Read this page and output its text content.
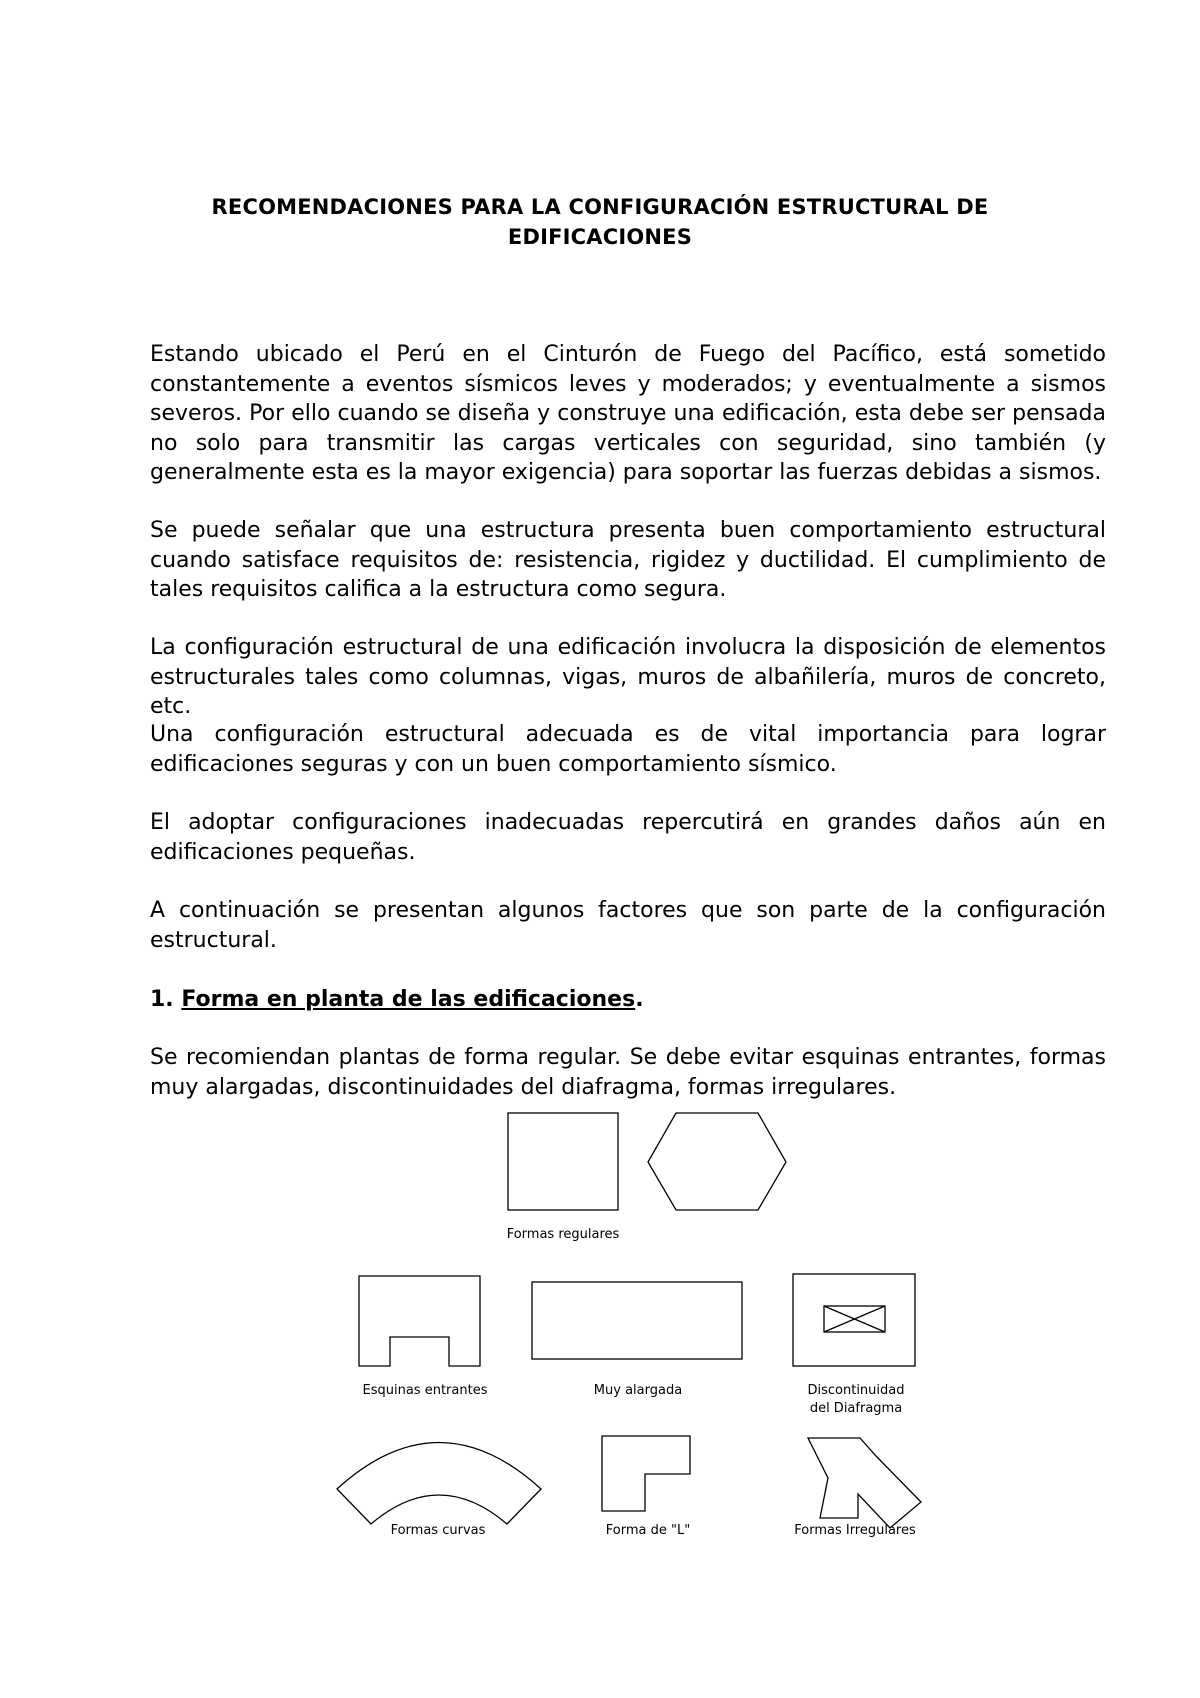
RECOMENDACIONES PARA LA CONFIGURACIÓN ESTRUCTURAL DE
EDIFICACIONES

Estando ubicado el Perú en el Cinturón de Fuego del Pacífico, está sometido constantemente a eventos sísmicos leves y moderados; y eventualmente a sismos severos. Por ello cuando se diseña y construye una edificación, esta debe ser pensada no solo para transmitir las cargas verticales con seguridad, sino también (y generalmente esta es la mayor exigencia) para soportar las fuerzas debidas a sismos.

Se puede señalar que una estructura presenta buen comportamiento estructural cuando satisface requisitos de: resistencia, rigidez y ductilidad. El cumplimiento de tales requisitos califica a la estructura como segura.

La configuración estructural de una edificación involucra la disposición de elementos estructurales tales como columnas, vigas, muros de albañilería, muros de concreto, etc.

Una configuración estructural adecuada es de vital importancia para lograr edificaciones seguras y con un buen comportamiento sísmico.

El adoptar configuraciones inadecuadas repercutirá en grandes daños aún en edificaciones pequeñas.

A continuación se presentan algunos factores que son parte de la configuración estructural.

1. Forma en planta de las edificaciones.

Se recomiendan plantas de forma regular. Se debe evitar esquinas entrantes, formas muy alargadas, discontinuidades del diafragma, formas irregulares.

Formas regulares
Esquinas entrantes	Muy alargada	Discontinuidad
del Diafragma
Formas curvas	Forma de "L"	Formas Irregulares
